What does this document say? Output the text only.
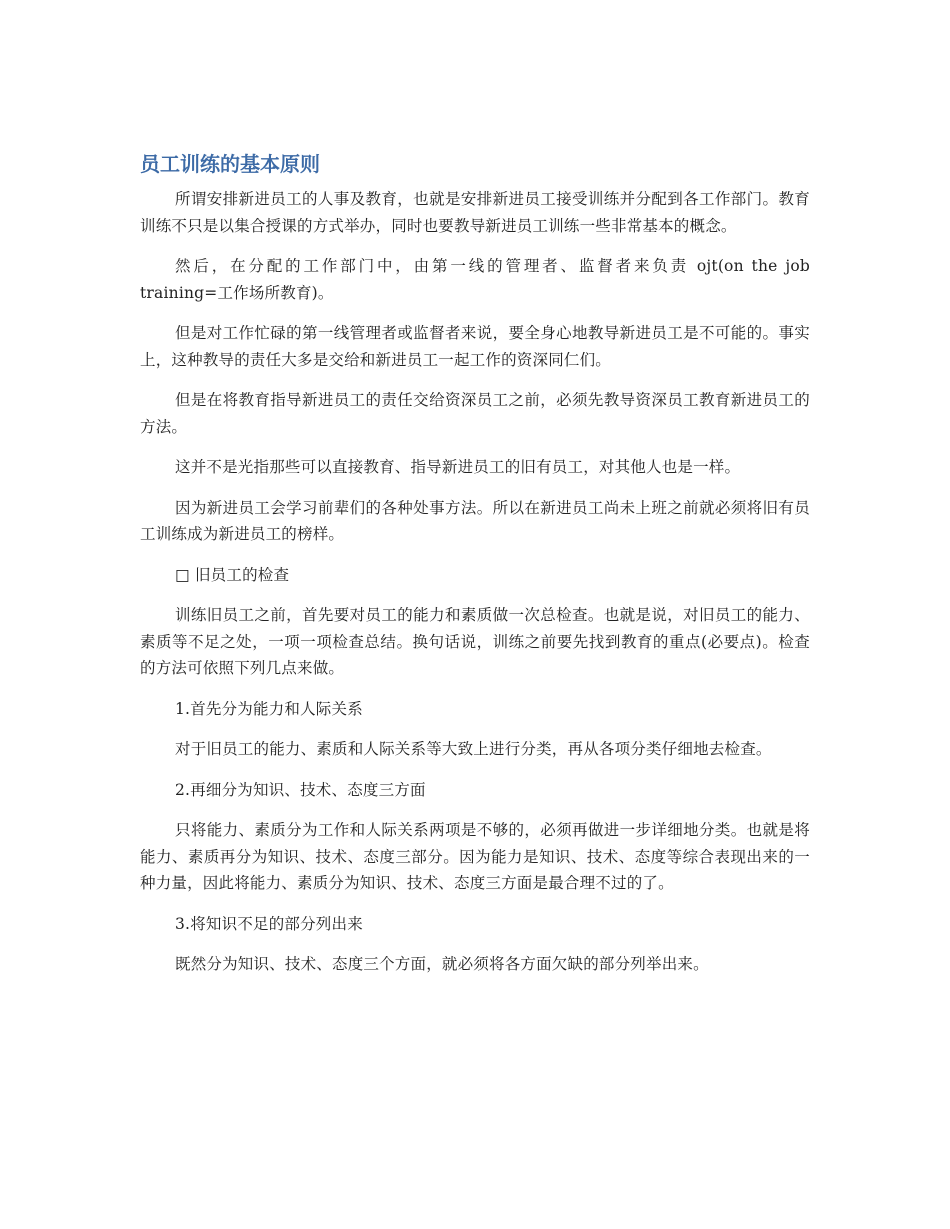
员工训练的基本原则

所谓安排新进员工的人事及教育，也就是安排新进员工接受训练并分配到各工作部门。教育训练不只是以集合授课的方式举办，同时也要教导新进员工训练一些非常基本的概念。

然后，在分配的工作部门中，由第一线的管理者、监督者来负责 ojt(on the job training=工作场所教育)。

但是对工作忙碌的第一线管理者或监督者来说，要全身心地教导新进员工是不可能的。事实上，这种教导的责任大多是交给和新进员工一起工作的资深同仁们。

但是在将教育指导新进员工的责任交给资深员工之前，必须先教导资深员工教育新进员工的方法。

这并不是光指那些可以直接教育、指导新进员工的旧有员工，对其他人也是一样。

因为新进员工会学习前辈们的各种处事方法。所以在新进员工尚未上班之前就必须将旧有员工训练成为新进员工的榜样。

□ 旧员工的检查

训练旧员工之前，首先要对员工的能力和素质做一次总检查。也就是说，对旧员工的能力、素质等不足之处，一项一项检查总结。换句话说，训练之前要先找到教育的重点(必要点)。检查的方法可依照下列几点来做。

1.首先分为能力和人际关系

对于旧员工的能力、素质和人际关系等大致上进行分类，再从各项分类仔细地去检查。

2.再细分为知识、技术、态度三方面

只将能力、素质分为工作和人际关系两项是不够的，必须再做进一步详细地分类。也就是将能力、素质再分为知识、技术、态度三部分。因为能力是知识、技术、态度等综合表现出来的一种力量，因此将能力、素质分为知识、技术、态度三方面是最合理不过的了。

3.将知识不足的部分列出来

既然分为知识、技术、态度三个方面，就必须将各方面欠缺的部分列举出来。
